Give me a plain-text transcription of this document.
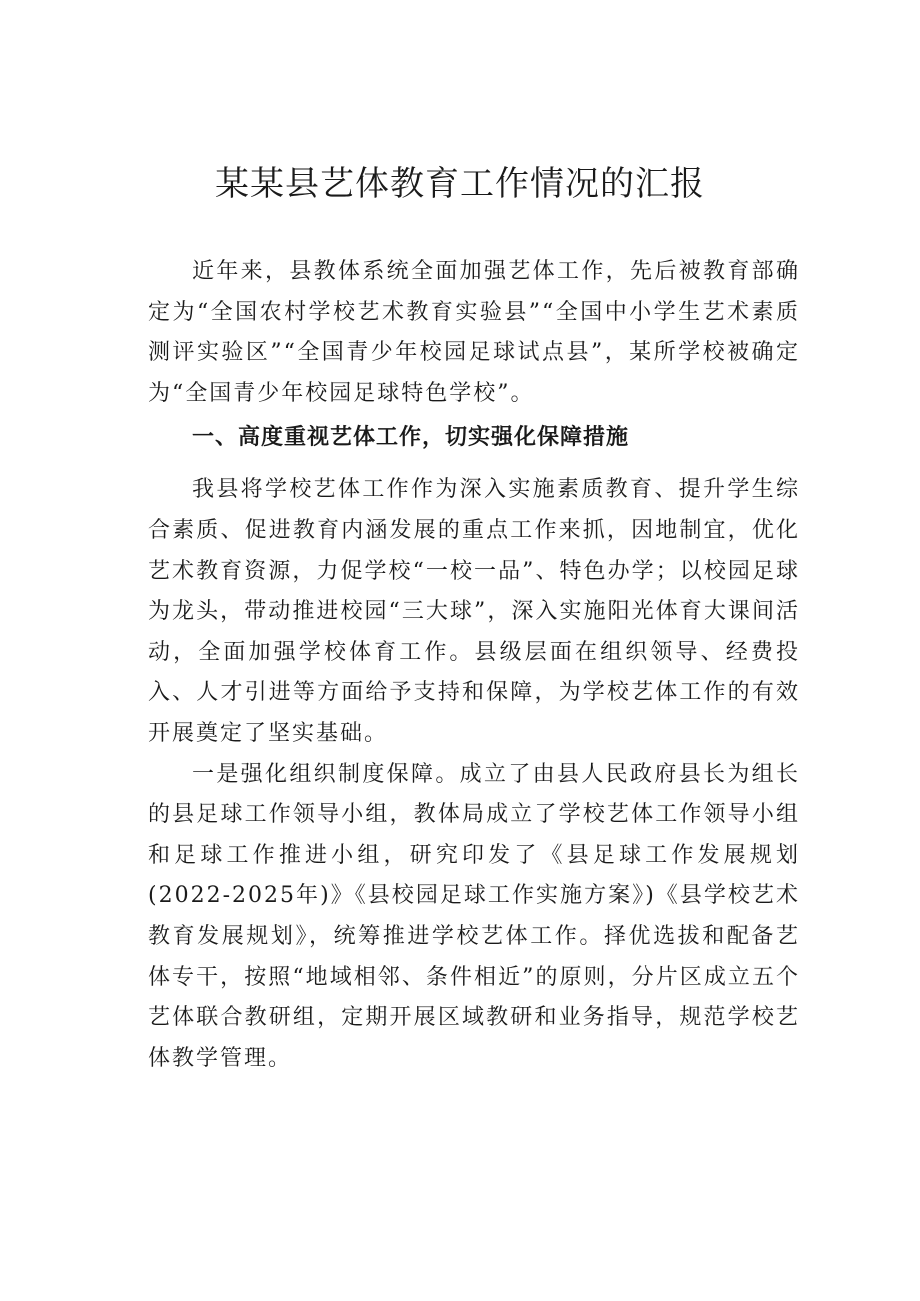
某某县艺体教育工作情况的汇报

近年来，县教体系统全面加强艺体工作，先后被教育部确定为“全国农村学校艺术教育实验县”“全国中小学生艺术素质测评实验区”“全国青少年校园足球试点县”，某所学校被确定为“全国青少年校园足球特色学校”。

一、高度重视艺体工作，切实强化保障措施

我县将学校艺体工作作为深入实施素质教育、提升学生综合素质、促进教育内涵发展的重点工作来抓，因地制宜，优化艺术教育资源，力促学校“一校一品”、特色办学；以校园足球为龙头，带动推进校园“三大球”，深入实施阳光体育大课间活动，全面加强学校体育工作。县级层面在组织领导、经费投入、人才引进等方面给予支持和保障，为学校艺体工作的有效开展奠定了坚实基础。

一是强化组织制度保障。成立了由县人民政府县长为组长的县足球工作领导小组，教体局成立了学校艺体工作领导小组和足球工作推进小组，研究印发了《县足球工作发展规划(2022-2025年)》《县校园足球工作实施方案》)《县学校艺术教育发展规划》，统筹推进学校艺体工作。择优选拔和配备艺体专干，按照“地域相邻、条件相近”的原则，分片区成立五个艺体联合教研组，定期开展区域教研和业务指导，规范学校艺体教学管理。
